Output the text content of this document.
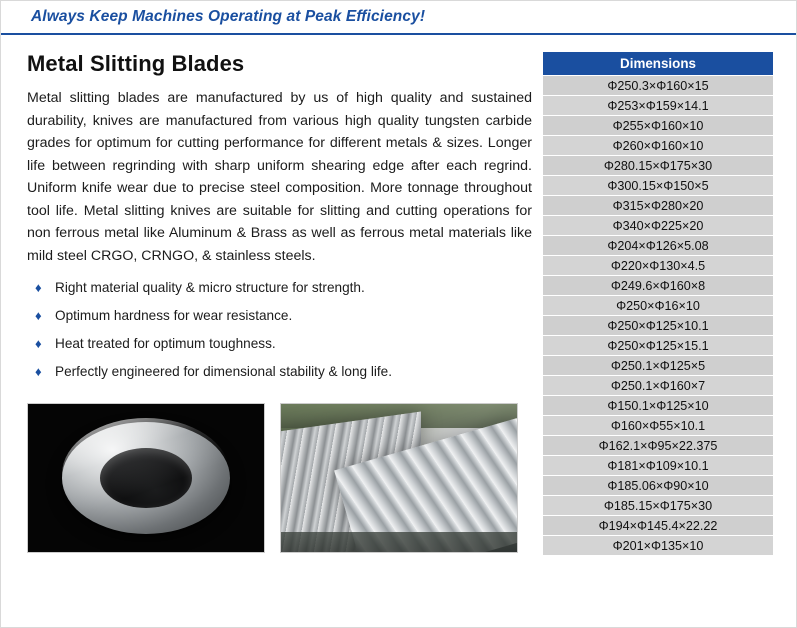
Always Keep Machines Operating at Peak Efficiency!
Metal Slitting Blades

Metal slitting blades are manufactured by us of high quality and sustained durability, knives are manufactured from various high quality tungsten carbide grades for optimum for cutting performance for different metals & sizes. Longer life between regrinding with sharp uniform shearing edge after each regrind. Uniform knife wear due to precise steel composition. More tonnage throughout tool life. Metal slitting knives are suitable for slitting and cutting operations for non ferrous metal like Aluminum & Brass as well as ferrous metal materials like mild steel CRGO, CRNGO, & stainless steels.

♦ Right material quality & micro structure for strength.
♦ Optimum hardness for wear resistance.
♦ Heat treated for optimum toughness.
♦ Perfectly engineered for dimensional stability & long life.
Dimensions
Φ250.3×Φ160×15
Φ253×Φ159×14.1
Φ255×Φ160×10
Φ260×Φ160×10
Φ280.15×Φ175×30
Φ300.15×Φ150×5
Φ315×Φ280×20
Φ340×Φ225×20
Φ204×Φ126×5.08
Φ220×Φ130×4.5
Φ249.6×Φ160×8
Φ250×Φ16×10
Φ250×Φ125×10.1
Φ250×Φ125×15.1
Φ250.1×Φ125×5
Φ250.1×Φ160×7
Φ150.1×Φ125×10
Φ160×Φ55×10.1
Φ162.1×Φ95×22.375
Φ181×Φ109×10.1
Φ185.06×Φ90×10
Φ185.15×Φ175×30
Φ194×Φ145.4×22.22
Φ201×Φ135×10
